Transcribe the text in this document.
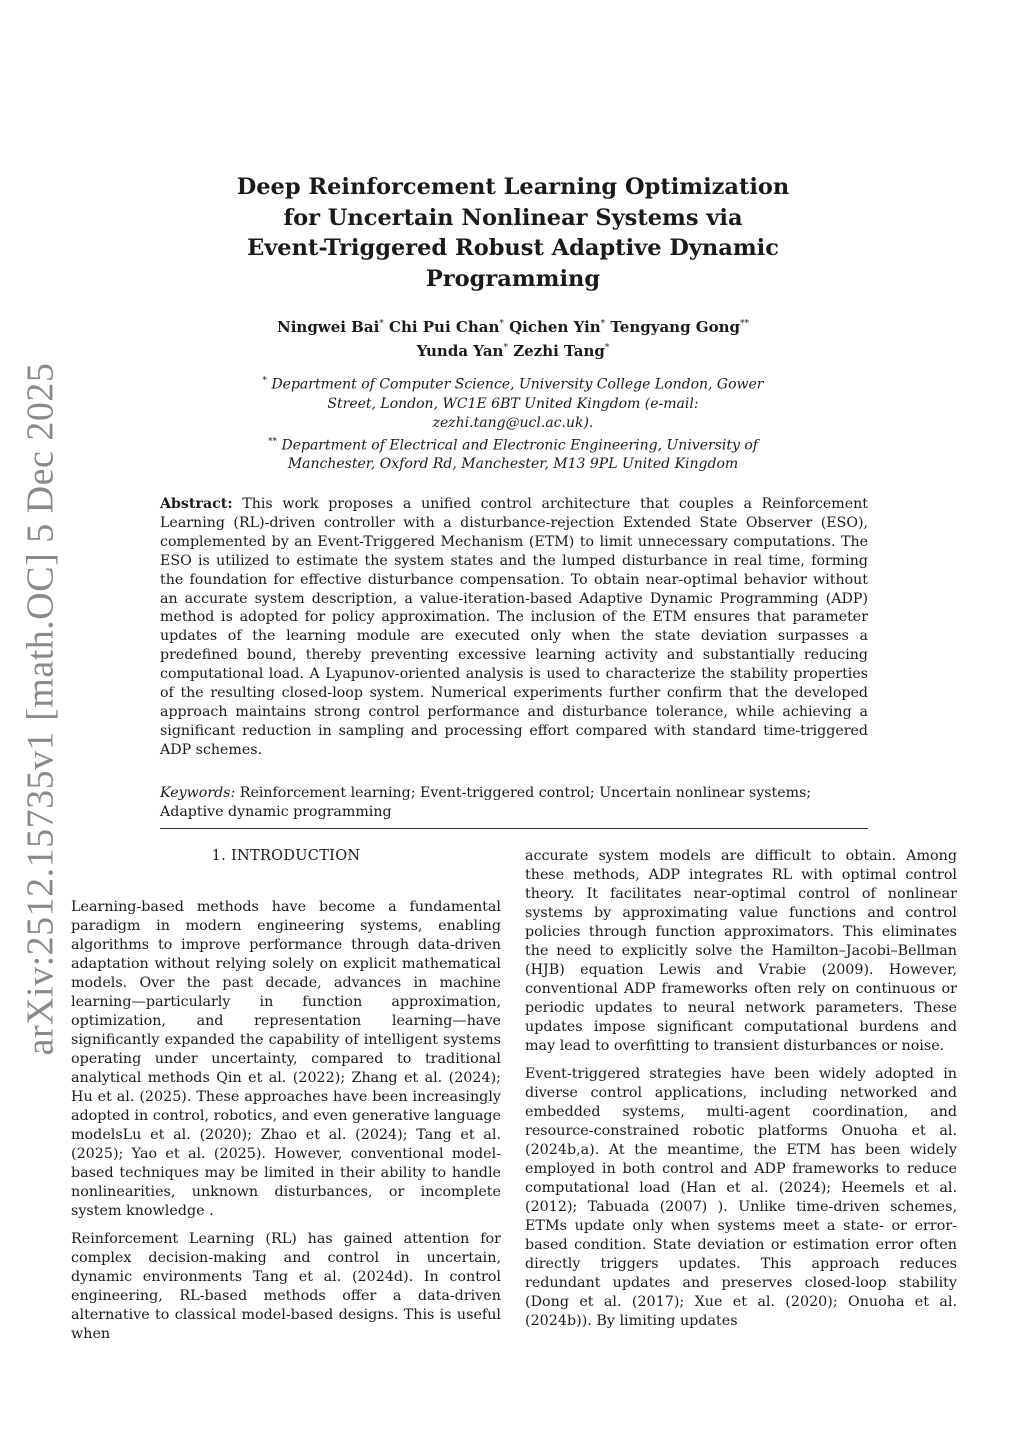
arXiv:2512.15735v1 [math.OC] 5 Dec 2025
Deep Reinforcement Learning Optimization
for Uncertain Nonlinear Systems via
Event-Triggered Robust Adaptive Dynamic
Programming
Ningwei Bai* Chi Pui Chan* Qichen Yin* Tengyang Gong**
Yunda Yan* Zezhi Tang*
* Department of Computer Science, University College London, Gower
Street, London, WC1E 6BT United Kingdom (e-mail:
zezhi.tang@ucl.ac.uk).
** Department of Electrical and Electronic Engineering, University of
Manchester, Oxford Rd, Manchester, M13 9PL United Kingdom
Abstract: This work proposes a unified control architecture that couples a Reinforcement Learning (RL)-driven controller with a disturbance-rejection Extended State Observer (ESO), complemented by an Event-Triggered Mechanism (ETM) to limit unnecessary computations. The ESO is utilized to estimate the system states and the lumped disturbance in real time, forming the foundation for effective disturbance compensation. To obtain near-optimal behavior without an accurate system description, a value-iteration-based Adaptive Dynamic Programming (ADP) method is adopted for policy approximation. The inclusion of the ETM ensures that parameter updates of the learning module are executed only when the state deviation surpasses a predefined bound, thereby preventing excessive learning activity and substantially reducing computational load. A Lyapunov-oriented analysis is used to characterize the stability properties of the resulting closed-loop system. Numerical experiments further confirm that the developed approach maintains strong control performance and disturbance tolerance, while achieving a significant reduction in sampling and processing effort compared with standard time-triggered ADP schemes.
Keywords: Reinforcement learning; Event-triggered control; Uncertain nonlinear systems; Adaptive dynamic programming
1. INTRODUCTION

Learning-based methods have become a fundamental paradigm in modern engineering systems, enabling algorithms to improve performance through data-driven adaptation without relying solely on explicit mathematical models. Over the past decade, advances in machine learning—particularly in function approximation, optimization, and representation learning—have significantly expanded the capability of intelligent systems operating under uncertainty, compared to traditional analytical methods Qin et al. (2022); Zhang et al. (2024); Hu et al. (2025). These approaches have been increasingly adopted in control, robotics, and even generative language modelsLu et al. (2020); Zhao et al. (2024); Tang et al. (2025); Yao et al. (2025). However, conventional model-based techniques may be limited in their ability to handle nonlinearities, unknown disturbances, or incomplete system knowledge .

Reinforcement Learning (RL) has gained attention for complex decision-making and control in uncertain, dynamic environments Tang et al. (2024d). In control engineering, RL-based methods offer a data-driven alternative to classical model-based designs. This is useful when

accurate system models are difficult to obtain. Among these methods, ADP integrates RL with optimal control theory. It facilitates near-optimal control of nonlinear systems by approximating value functions and control policies through function approximators. This eliminates the need to explicitly solve the Hamilton–Jacobi–Bellman (HJB) equation Lewis and Vrabie (2009). However, conventional ADP frameworks often rely on continuous or periodic updates to neural network parameters. These updates impose significant computational burdens and may lead to overfitting to transient disturbances or noise.

Event-triggered strategies have been widely adopted in diverse control applications, including networked and embedded systems, multi-agent coordination, and resource-constrained robotic platforms Onuoha et al. (2024b,a). At the meantime, the ETM has been widely employed in both control and ADP frameworks to reduce computational load (Han et al. (2024); Heemels et al. (2012); Tabuada (2007) ). Unlike time-driven schemes, ETMs update only when systems meet a state- or error-based condition. State deviation or estimation error often directly triggers updates. This approach reduces redundant updates and preserves closed-loop stability (Dong et al. (2017); Xue et al. (2020); Onuoha et al. (2024b)). By limiting updates
